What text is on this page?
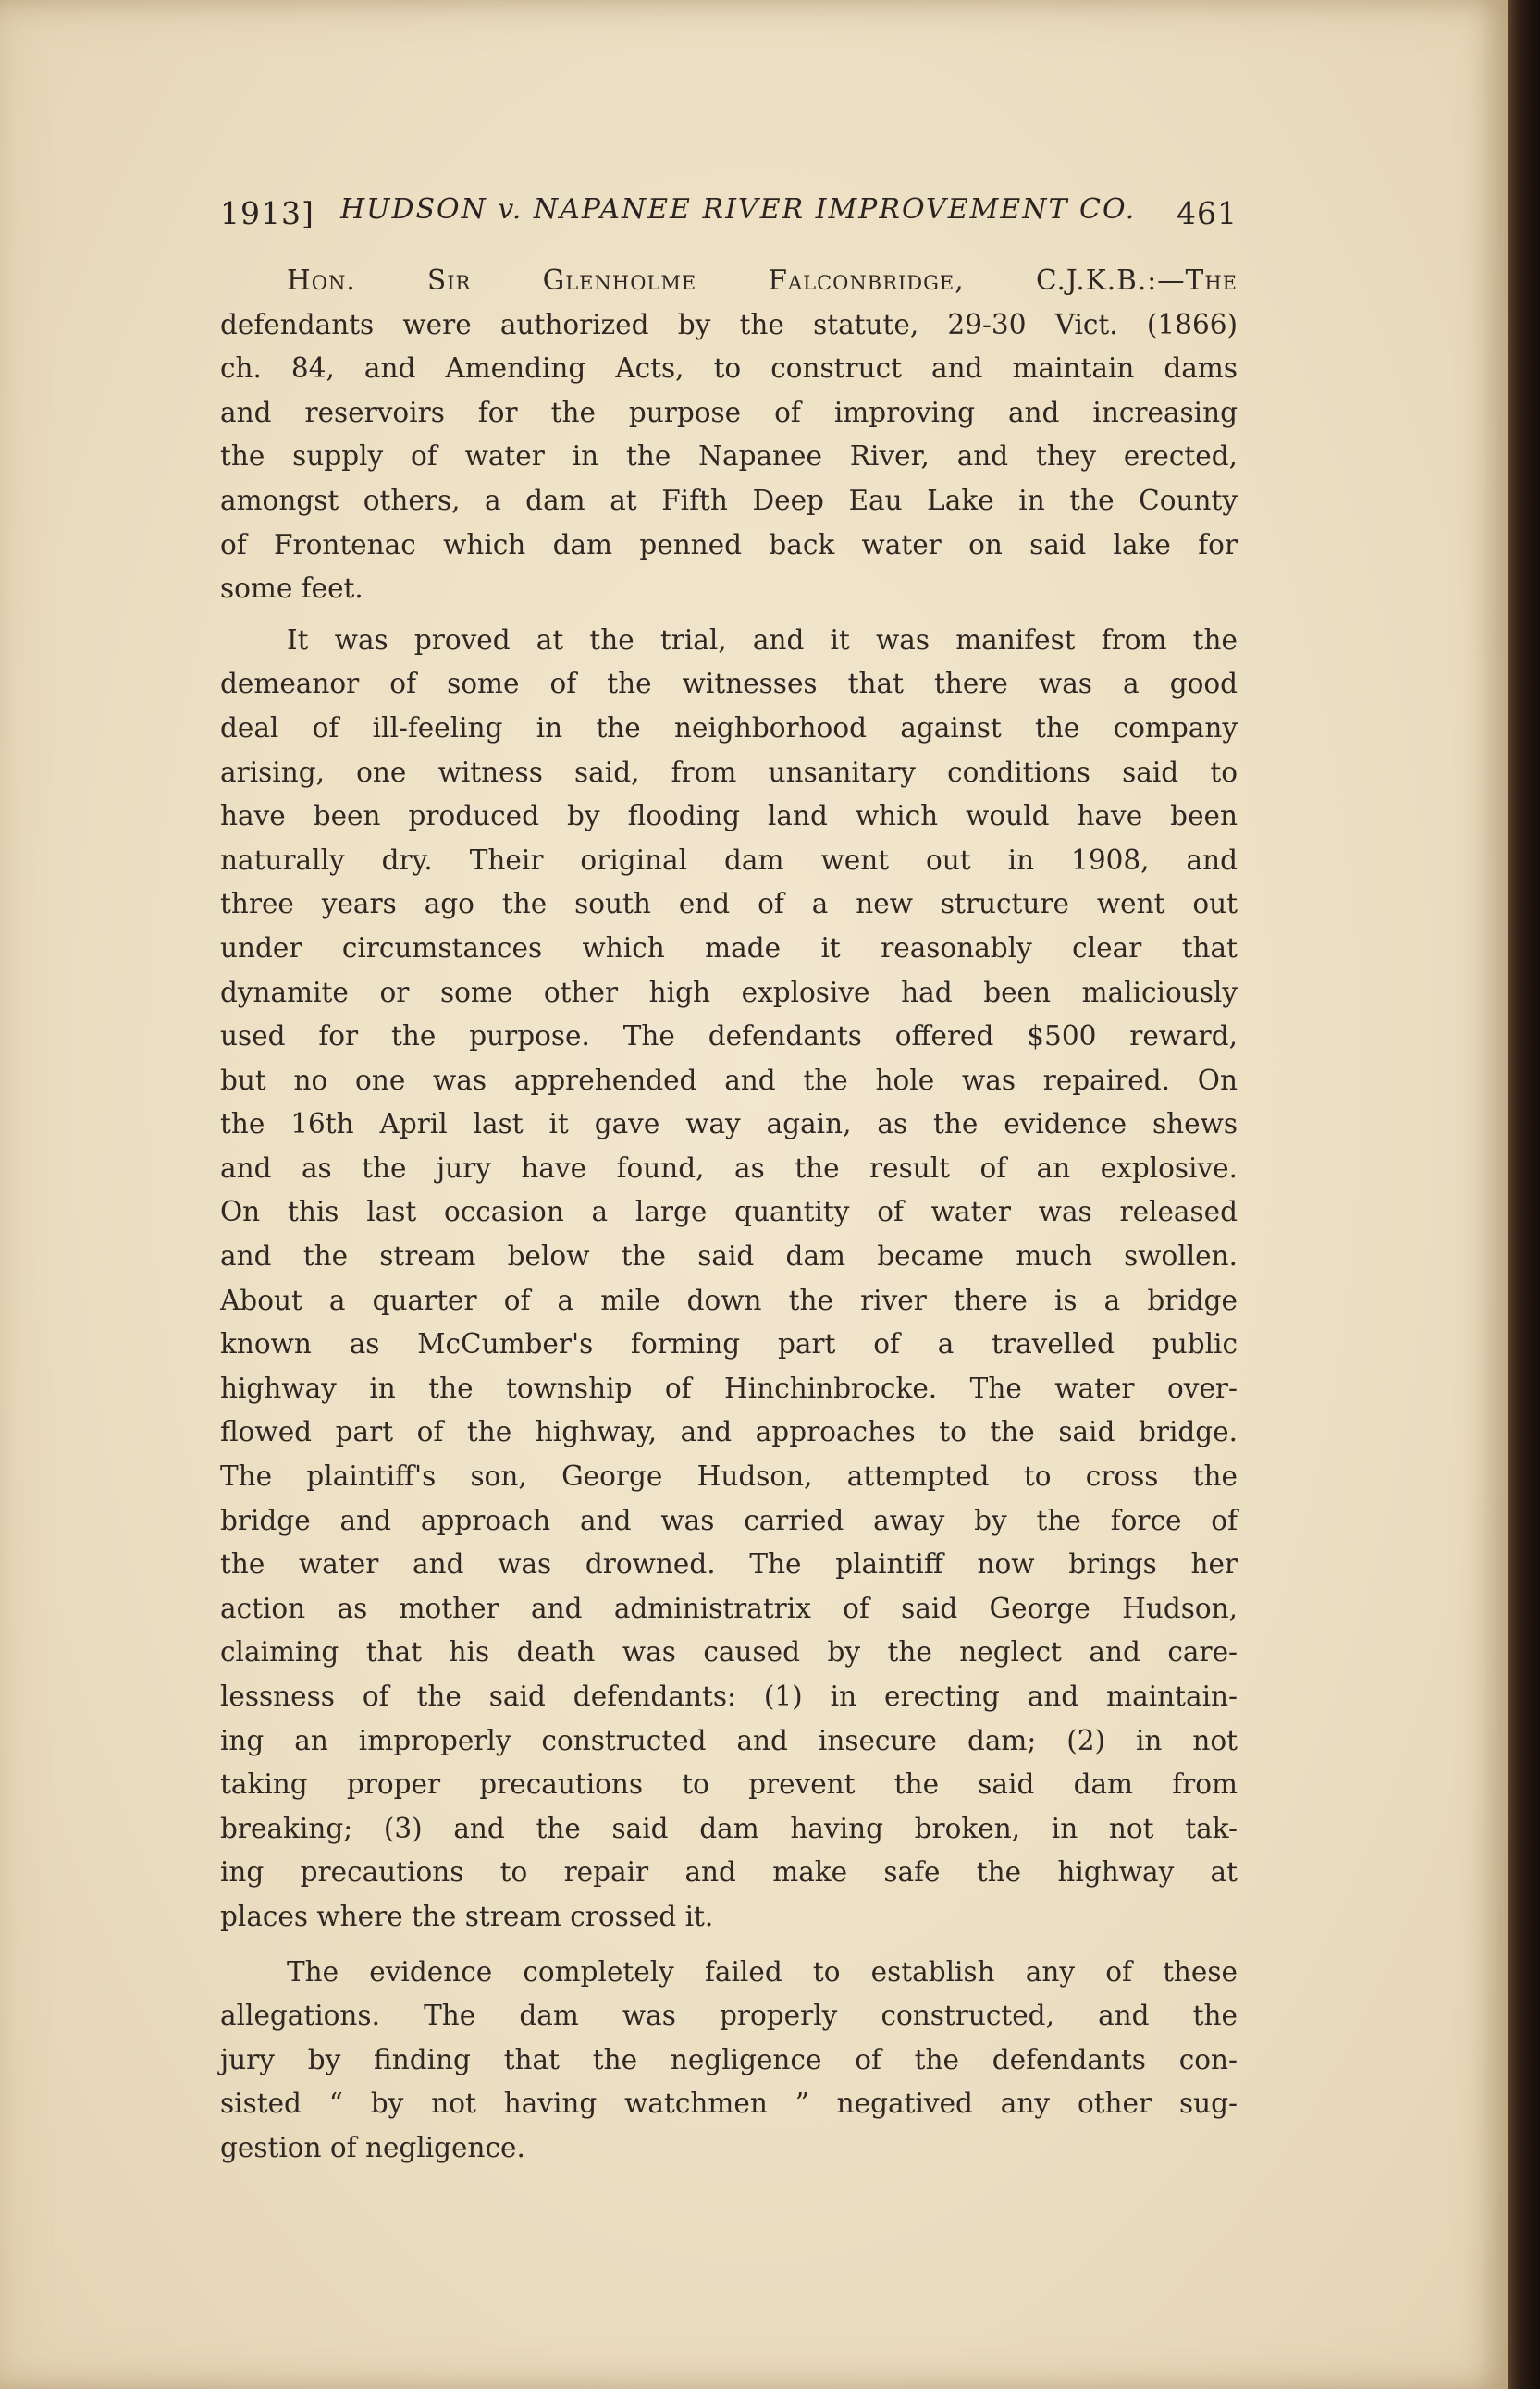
1913] HUDSON v. NAPANEE RIVER IMPROVEMENT CO. 461

Hon. Sir Glenholme Falconbridge, C.J.K.B.:—The
defendants were authorized by the statute, 29-30 Vict. (1866)
ch. 84, and Amending Acts, to construct and maintain dams
and reservoirs for the purpose of improving and increasing
the supply of water in the Napanee River, and they erected,
amongst others, a dam at Fifth Deep Eau Lake in the County
of Frontenac which dam penned back water on said lake for
some feet.

It was proved at the trial, and it was manifest from the
demeanor of some of the witnesses that there was a good
deal of ill-feeling in the neighborhood against the company
arising, one witness said, from unsanitary conditions said to
have been produced by flooding land which would have been
naturally dry. Their original dam went out in 1908, and
three years ago the south end of a new structure went out
under circumstances which made it reasonably clear that
dynamite or some other high explosive had been maliciously
used for the purpose. The defendants offered $500 reward,
but no one was apprehended and the hole was repaired. On
the 16th April last it gave way again, as the evidence shews
and as the jury have found, as the result of an explosive.
On this last occasion a large quantity of water was released
and the stream below the said dam became much swollen.
About a quarter of a mile down the river there is a bridge
known as McCumber's forming part of a travelled public
highway in the township of Hinchinbrocke. The water over-
flowed part of the highway, and approaches to the said bridge.
The plaintiff's son, George Hudson, attempted to cross the
bridge and approach and was carried away by the force of
the water and was drowned. The plaintiff now brings her
action as mother and administratrix of said George Hudson,
claiming that his death was caused by the neglect and care-
lessness of the said defendants: (1) in erecting and maintain-
ing an improperly constructed and insecure dam; (2) in not
taking proper precautions to prevent the said dam from
breaking; (3) and the said dam having broken, in not tak-
ing precautions to repair and make safe the highway at
places where the stream crossed it.

The evidence completely failed to establish any of these
allegations. The dam was properly constructed, and the
jury by finding that the negligence of the defendants con-
sisted “ by not having watchmen ” negatived any other sug-
gestion of negligence.
